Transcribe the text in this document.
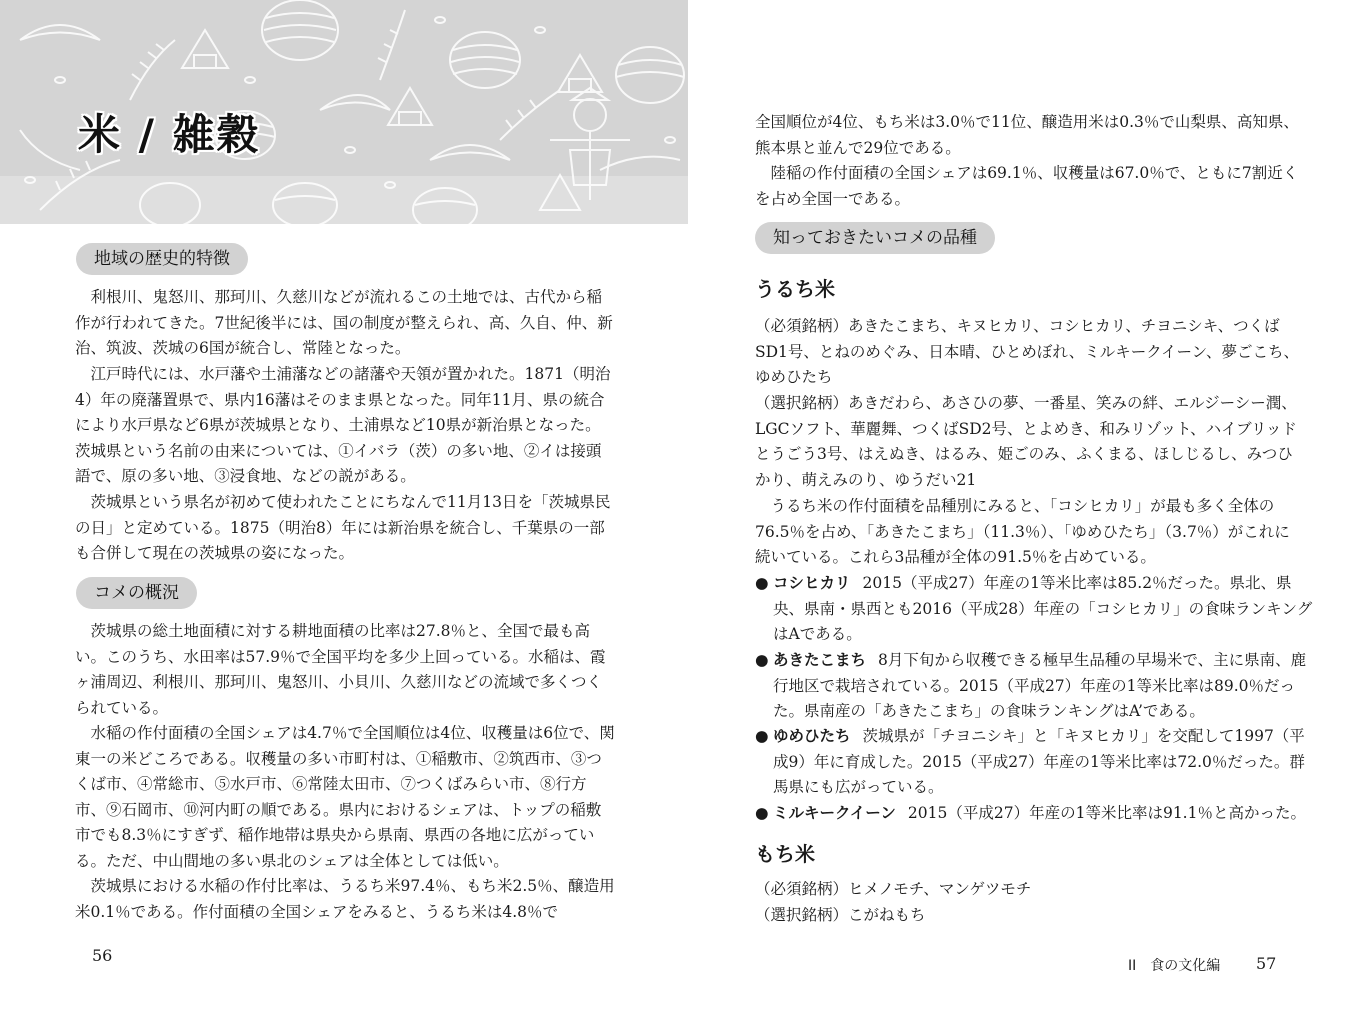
米 / 雑穀
地域の歴史的特徴

利根川、鬼怒川、那珂川、久慈川などが流れるこの土地では、古代から稲作が行われてきた。7世紀後半には、国の制度が整えられ、高、久自、仲、新治、筑波、茨城の6国が統合し、常陸となった。

江戸時代には、水戸藩や土浦藩などの諸藩や天領が置かれた。1871（明治4）年の廃藩置県で、県内16藩はそのまま県となった。同年11月、県の統合により水戸県など6県が茨城県となり、土浦県など10県が新治県となった。茨城県という名前の由来については、①イバラ（茨）の多い地、②イは接頭語で、原の多い地、③浸食地、などの説がある。

茨城県という県名が初めて使われたことにちなんで11月13日を「茨城県民の日」と定めている。1875（明治8）年には新治県を統合し、千葉県の一部も合併して現在の茨城県の姿になった。

コメの概況

茨城県の総土地面積に対する耕地面積の比率は27.8％と、全国で最も高い。このうち、水田率は57.9％で全国平均を多少上回っている。水稲は、霞ヶ浦周辺、利根川、那珂川、鬼怒川、小貝川、久慈川などの流域で多くつくられている。

水稲の作付面積の全国シェアは4.7％で全国順位は4位、収穫量は6位で、関東一の米どころである。収穫量の多い市町村は、①稲敷市、②筑西市、③つくば市、④常総市、⑤水戸市、⑥常陸太田市、⑦つくばみらい市、⑧行方市、⑨石岡市、⑩河内町の順である。県内におけるシェアは、トップの稲敷市でも8.3％にすぎず、稲作地帯は県央から県南、県西の各地に広がっている。ただ、中山間地の多い県北のシェアは全体としては低い。

茨城県における水稲の作付比率は、うるち米97.4％、もち米2.5％、醸造用米0.1％である。作付面積の全国シェアをみると、うるち米は4.8％で

56

全国順位が4位、もち米は3.0％で11位、醸造用米は0.3％で山梨県、高知県、熊本県と並んで29位である。

陸稲の作付面積の全国シェアは69.1％、収穫量は67.0％で、ともに7割近くを占め全国一である。

知っておきたいコメの品種
うるち米

（必須銘柄）あきたこまち、キヌヒカリ、コシヒカリ、チヨニシキ、つくばSD1号、とねのめぐみ、日本晴、ひとめぼれ、ミルキークイーン、夢ごこち、ゆめひたち

（選択銘柄）あきだわら、あさひの夢、一番星、笑みの絆、エルジーシー潤、LGCソフト、華麗舞、つくばSD2号、とよめき、和みリゾット、ハイブリッドとうごう3号、はえぬき、はるみ、姫ごのみ、ふくまる、ほしじるし、みつひかり、萌えみのり、ゆうだい21

うるち米の作付面積を品種別にみると、「コシヒカリ」が最も多く全体の76.5％を占め、「あきたこまち」（11.3％）、「ゆめひたち」（3.7％）がこれに続いている。これら3品種が全体の91.5％を占めている。

● コシヒカリ 2015（平成27）年産の1等米比率は85.2％だった。県北、県央、県南・県西とも2016（平成28）年産の「コシヒカリ」の食味ランキングはAである。
● あきたこまち 8月下旬から収穫できる極早生品種の早場米で、主に県南、鹿行地区で栽培されている。2015（平成27）年産の1等米比率は89.0％だった。県南産の「あきたこまち」の食味ランキングはA’である。
● ゆめひたち 茨城県が「チヨニシキ」と「キヌヒカリ」を交配して1997（平成9）年に育成した。2015（平成27）年産の1等米比率は72.0％だった。群馬県にも広がっている。
● ミルキークイーン 2015（平成27）年産の1等米比率は91.1％と高かった。
もち米

（必須銘柄）ヒメノモチ、マンゲツモチ

（選択銘柄）こがねもち

II　食の文化編 57
